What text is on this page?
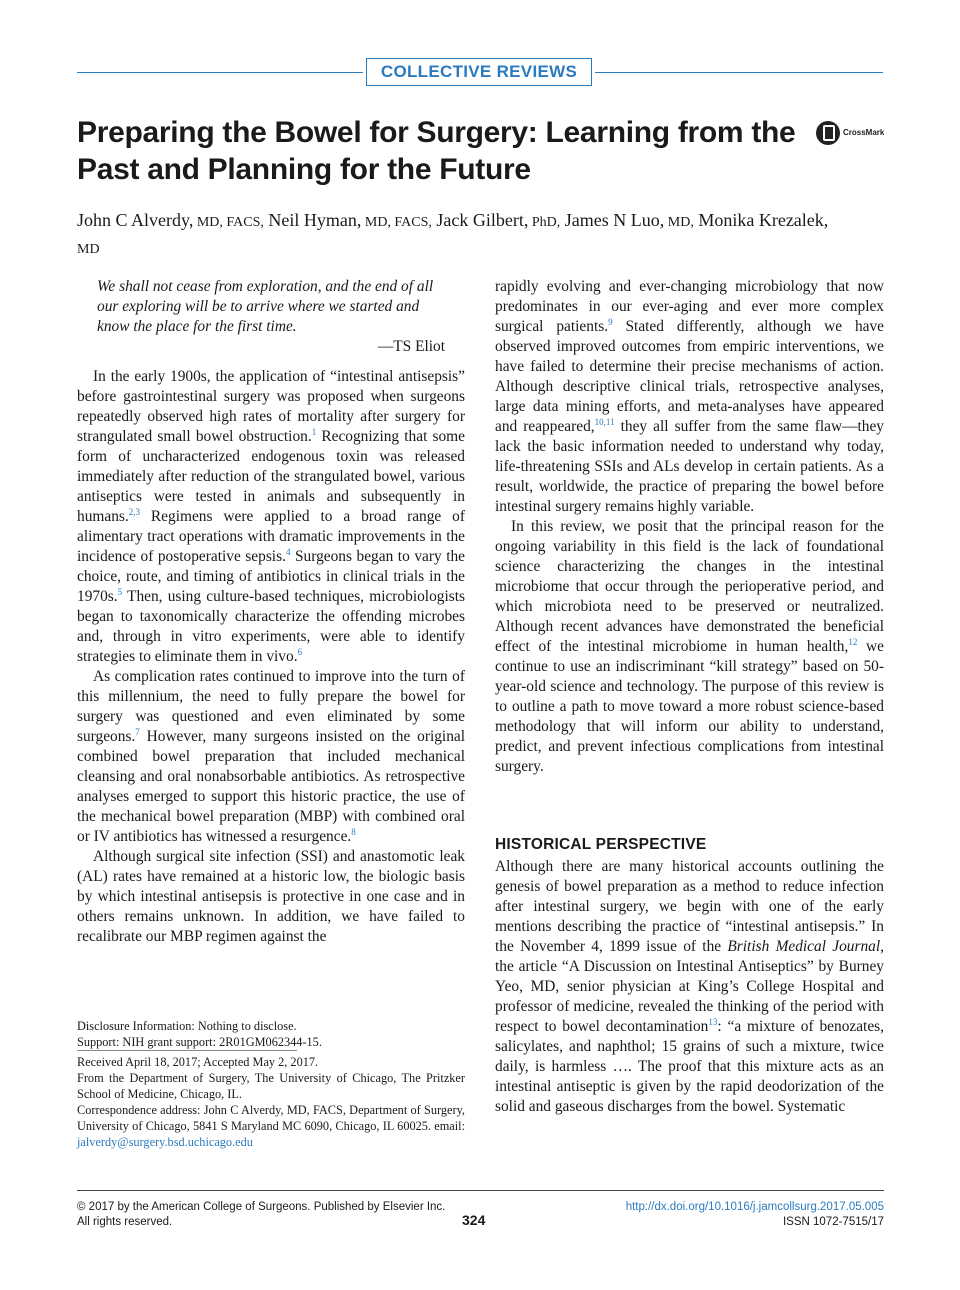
COLLECTIVE REVIEWS
Preparing the Bowel for Surgery: Learning from the Past and Planning for the Future
CrossMark

John C Alverdy, MD, FACS, Neil Hyman, MD, FACS, Jack Gilbert, PhD, James N Luo, MD, Monika Krezalek, MD

We shall not cease from exploration, and the end of all our exploring will be to arrive where we started and know the place for the first time.

—TS Eliot

In the early 1900s, the application of “intestinal antisepsis” before gastrointestinal surgery was proposed when surgeons repeatedly observed high rates of mortality after surgery for strangulated small bowel obstruction.$^1$ Recognizing that some form of uncharacterized endogenous toxin was released immediately after reduction of the strangulated bowel, various antiseptics were tested in animals and subsequently in humans.$^{2,3}$ Regimens were applied to a broad range of alimentary tract operations with dramatic improvements in the incidence of postoperative sepsis.$^4$ Surgeons began to vary the choice, route, and timing of antibiotics in clinical trials in the 1970s.$^5$ Then, using culture-based techniques, microbiologists began to taxonomically characterize the offending microbes and, through in vitro experiments, were able to identify strategies to eliminate them in vivo.$^6$

As complication rates continued to improve into the turn of this millennium, the need to fully prepare the bowel for surgery was questioned and even eliminated by some surgeons.$^7$ However, many surgeons insisted on the original combined bowel preparation that included mechanical cleansing and oral nonabsorbable antibiotics. As retrospective analyses emerged to support this historic practice, the use of the mechanical bowel preparation (MBP) with combined oral or IV antibiotics has witnessed a resurgence.$^8$

Although surgical site infection (SSI) and anastomotic leak (AL) rates have remained at a historic low, the biologic basis by which intestinal antisepsis is protective in one case and in others remains unknown. In addition, we have failed to recalibrate our MBP regimen against the

rapidly evolving and ever-changing microbiology that now predominates in our ever-aging and ever more complex surgical patients.$^9$ Stated differently, although we have observed improved outcomes from empiric interventions, we have failed to determine their precise mechanisms of action. Although descriptive clinical trials, retrospective analyses, large data mining efforts, and meta-analyses have appeared and reappeared,$^{10,11}$ they all suffer from the same flaw—they lack the basic information needed to understand why today, life-threatening SSIs and ALs develop in certain patients. As a result, worldwide, the practice of preparing the bowel before intestinal surgery remains highly variable.

In this review, we posit that the principal reason for the ongoing variability in this field is the lack of foundational science characterizing the changes in the intestinal microbiome that occur through the perioperative period, and which microbiota need to be preserved or neutralized. Although recent advances have demonstrated the beneficial effect of the intestinal microbiome in human health,$^{12}$ we continue to use an indiscriminant “kill strategy” based on 50-year-old science and technology. The purpose of this review is to outline a path to move toward a more robust science-based methodology that will inform our ability to understand, predict, and prevent infectious complications from intestinal surgery.

HISTORICAL PERSPECTIVE

Although there are many historical accounts outlining the genesis of bowel preparation as a method to reduce infection after intestinal surgery, we begin with one of the early mentions describing the practice of “intestinal antisepsis.” In the November 4, 1899 issue of the British Medical Journal, the article “A Discussion on Intestinal Antiseptics” by Burney Yeo, MD, senior physician at King’s College Hospital and professor of medicine, revealed the thinking of the period with respect to bowel decontamination$^{13}$: “a mixture of benozates, salicylates, and naphthol; 15 grains of such a mixture, twice daily, is harmless …. The proof that this mixture acts as an intestinal antiseptic is given by the rapid deodorization of the solid and gaseous discharges from the bowel. Systematic

Disclosure Information: Nothing to disclose.

Support: NIH grant support: 2R01GM062344-15.

Received April 18, 2017; Accepted May 2, 2017.

From the Department of Surgery, The University of Chicago, The Pritzker School of Medicine, Chicago, IL.

Correspondence address: John C Alverdy, MD, FACS, Department of Surgery, University of Chicago, 5841 S Maryland MC 6090, Chicago, IL 60025. email: jalverdy@surgery.bsd.uchicago.edu

© 2017 by the American College of Surgeons. Published by Elsevier Inc.
All rights reserved.	324
http://dx.doi.org/10.1016/j.jamcollsurg.2017.05.005
ISSN 1072-7515/17
